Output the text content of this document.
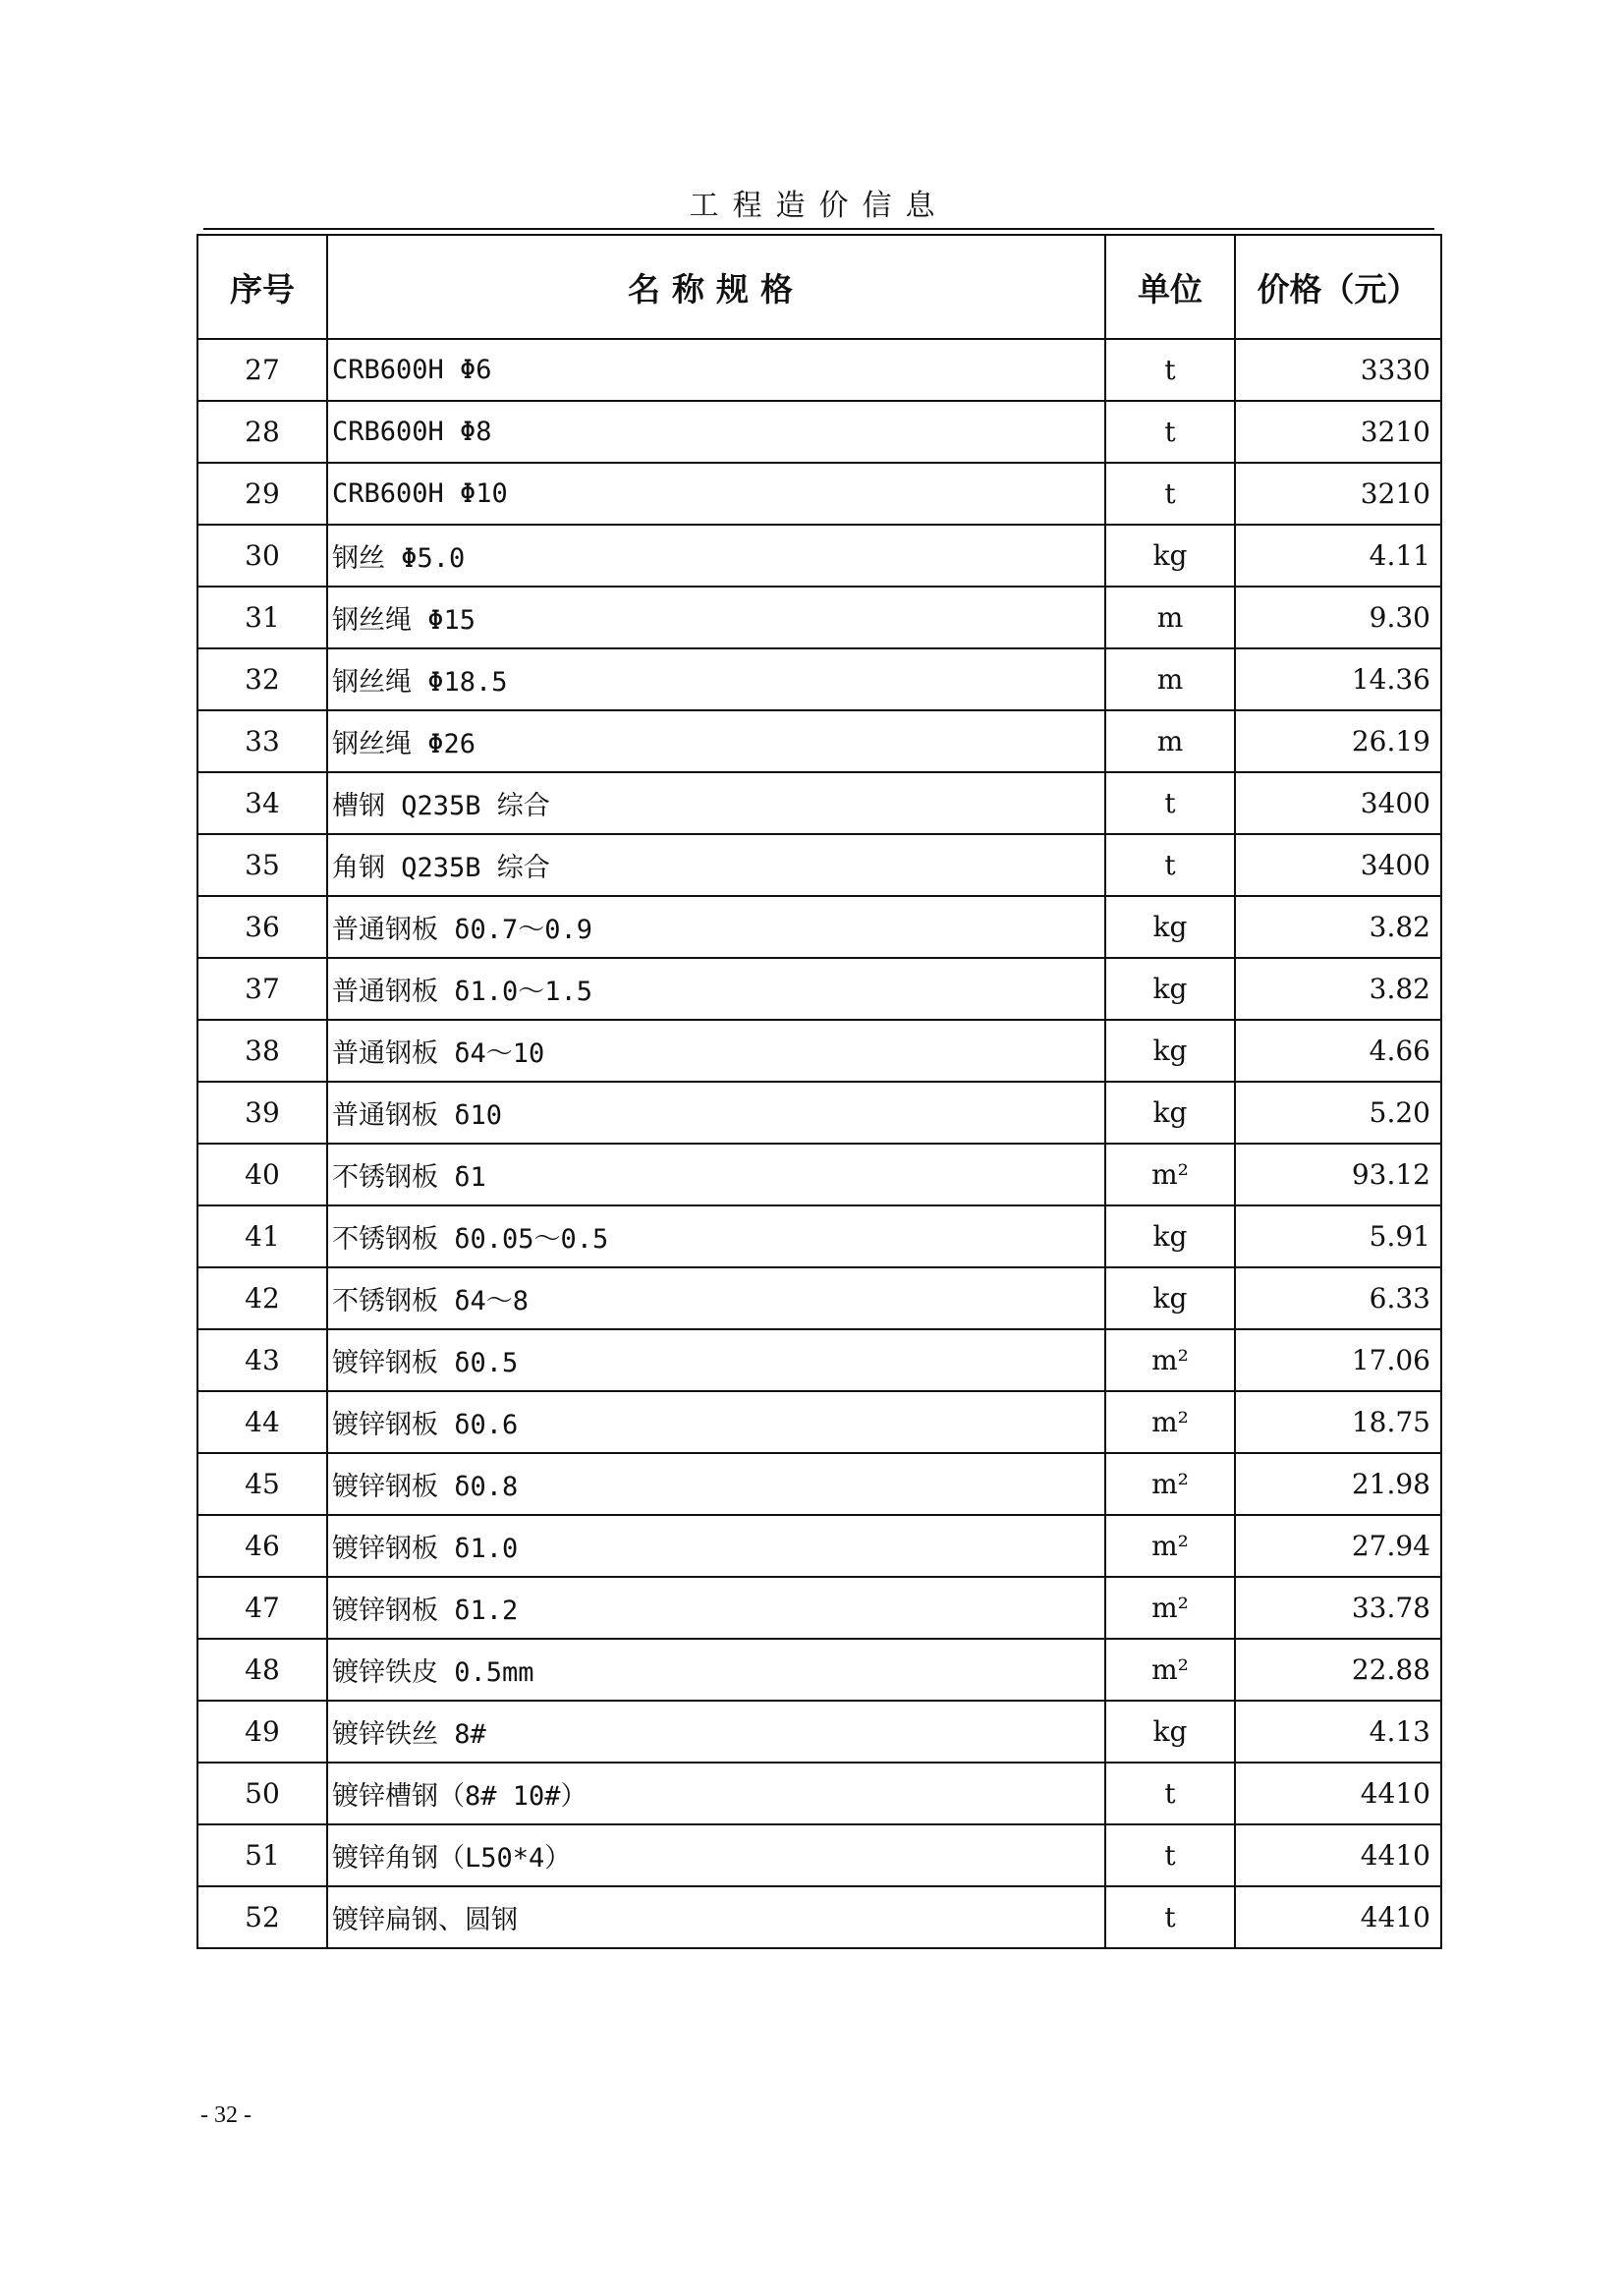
工程造价信息
序号	名称规格	单位	价格（元）
27	CRB600H Φ6	t	3330
28	CRB600H Φ8	t	3210
29	CRB600H Φ10	t	3210
30	钢丝 Φ5.0	kg	4.11
31	钢丝绳 Φ15	m	9.30
32	钢丝绳 Φ18.5	m	14.36
33	钢丝绳 Φ26	m	26.19
34	槽钢 Q235B 综合	t	3400
35	角钢 Q235B 综合	t	3400
36	普通钢板 δ0.7～0.9	kg	3.82
37	普通钢板 δ1.0～1.5	kg	3.82
38	普通钢板 δ4～10	kg	4.66
39	普通钢板 δ10	kg	5.20
40	不锈钢板 δ1	m²	93.12
41	不锈钢板 δ0.05～0.5	kg	5.91
42	不锈钢板 δ4～8	kg	6.33
43	镀锌钢板 δ0.5	m²	17.06
44	镀锌钢板 δ0.6	m²	18.75
45	镀锌钢板 δ0.8	m²	21.98
46	镀锌钢板 δ1.0	m²	27.94
47	镀锌钢板 δ1.2	m²	33.78
48	镀锌铁皮 0.5mm	m²	22.88
49	镀锌铁丝 8#	kg	4.13
50	镀锌槽钢（8# 10#）	t	4410
51	镀锌角钢（L50*4）	t	4410
52	镀锌扁钢、圆钢	t	4410
- 32 -
